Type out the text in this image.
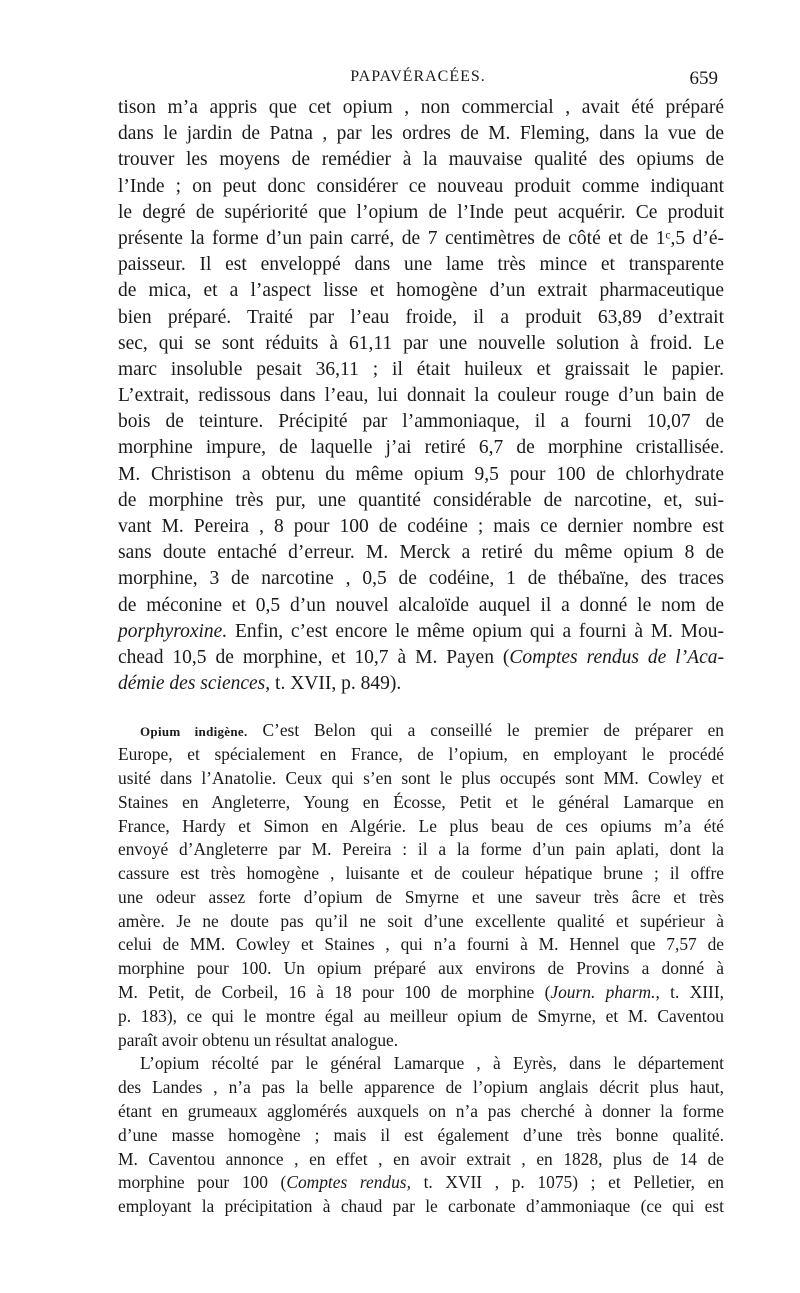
PAPAVÉRACÉES.	659
tison m’a appris que cet opium , non commercial , avait été préparé
dans le jardin de Patna , par les ordres de M. Fleming, dans la vue de
trouver les moyens de remédier à la mauvaise qualité des opiums de
l’Inde ; on peut donc considérer ce nouveau produit comme indiquant
le degré de supériorité que l’opium de l’Inde peut acquérir. Ce produit
présente la forme d’un pain carré, de 7 centimètres de côté et de 1ᶜ,5 d’é-
paisseur. Il est enveloppé dans une lame très mince et transparente
de mica, et a l’aspect lisse et homogène d’un extrait pharmaceutique
bien préparé. Traité par l’eau froide, il a produit 63,89 d’extrait
sec, qui se sont réduits à 61,11 par une nouvelle solution à froid. Le
marc insoluble pesait 36,11 ; il était huileux et graissait le papier.
L’extrait, redissous dans l’eau, lui donnait la couleur rouge d’un bain de
bois de teinture. Précipité par l’ammoniaque, il a fourni 10,07 de
morphine impure, de laquelle j’ai retiré 6,7 de morphine cristallisée.
M. Christison a obtenu du même opium 9,5 pour 100 de chlorhydrate
de morphine très pur, une quantité considérable de narcotine, et, sui-
vant M. Pereira , 8 pour 100 de codéine ; mais ce dernier nombre est
sans doute entaché d’erreur. M. Merck a retiré du même opium 8 de
morphine, 3 de narcotine , 0,5 de codéine, 1 de thébaïne, des traces
de méconine et 0,5 d’un nouvel alcaloïde auquel il a donné le nom de
porphyroxine. Enfin, c’est encore le même opium qui a fourni à M. Mou-
chead 10,5 de morphine, et 10,7 à M. Payen (Comptes rendus de l’Aca-
démie des sciences, t. XVII, p. 849).
Opium indigène. C’est Belon qui a conseillé le premier de préparer en
Europe, et spécialement en France, de l’opium, en employant le procédé
usité dans l’Anatolie. Ceux qui s’en sont le plus occupés sont MM. Cowley et
Staines en Angleterre, Young en Écosse, Petit et le général Lamarque en
France, Hardy et Simon en Algérie. Le plus beau de ces opiums m’a été
envoyé d’Angleterre par M. Pereira : il a la forme d’un pain aplati, dont la
cassure est très homogène , luisante et de couleur hépatique brune ; il offre
une odeur assez forte d’opium de Smyrne et une saveur très âcre et très
amère. Je ne doute pas qu’il ne soit d’une excellente qualité et supérieur à
celui de MM. Cowley et Staines , qui n’a fourni à M. Hennel que 7,57 de
morphine pour 100. Un opium préparé aux environs de Provins a donné à
M. Petit, de Corbeil, 16 à 18 pour 100 de morphine (Journ. pharm., t. XIII,
p. 183), ce qui le montre égal au meilleur opium de Smyrne, et M. Caventou
paraît avoir obtenu un résultat analogue.
L’opium récolté par le général Lamarque , à Eyrès, dans le département
des Landes , n’a pas la belle apparence de l’opium anglais décrit plus haut,
étant en grumeaux agglomérés auxquels on n’a pas cherché à donner la forme
d’une masse homogène ; mais il est également d’une très bonne qualité.
M. Caventou annonce , en effet , en avoir extrait , en 1828, plus de 14 de
morphine pour 100 (Comptes rendus, t. XVII , p. 1075) ; et Pelletier, en
employant la précipitation à chaud par le carbonate d’ammoniaque (ce qui est
